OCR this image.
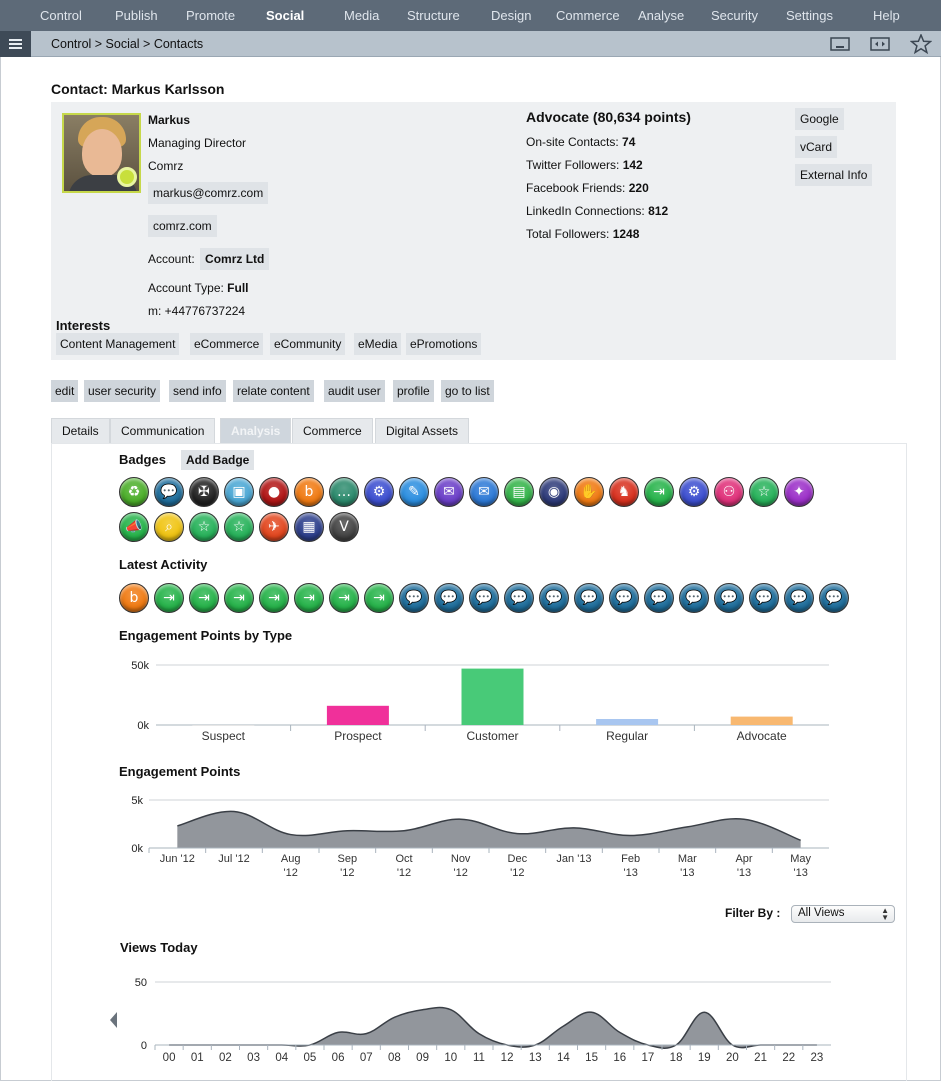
Control	Publish Promote Social	Media Structure Design Commerce Analyse Security Settings	Help
Control > Social > Contacts
Contact: Markus Karlsson
Markus
Managing Director
Comrz
markus@comrz.com
comrz.com
Account: Comrz Ltd
Account Type: Full
m: +44776737224
Interests
Content Management	eCommerce	eCommunity	eMedia	ePromotions
Advocate (80,634 points)
On-site Contacts: 74
Twitter Followers: 142
Facebook Friends: 220
LinkedIn Connections: 812
Total Followers: 1248
Google
vCard
External Info
edit	user security	send info	relate content	audit user	profile	go to list
Details	Communication	Analysis	Commerce	Digital Assets
Badges	Add Badge
♻	💬	✠	▣	●	b	…	⚙	✎	✉	✉	▤	◉	✋	♞	⇥	⚙	⚇	☆	✦
📣	⌕	☆	☆	✈	▦	V
Latest Activity
b	⇥	⇥	⇥	⇥	⇥	⇥	⇥	💬	💬	💬	💬	💬	💬	💬	💬	💬	💬	💬	💬	💬
Engagement Points by Type
0k
50k
Suspect	Prospect	Customer	Regular	Advocate
Engagement Points
0k
5k
Jun '12 Jul '12	Aug '12
Sep '12
Oct '12
Nov '12
Dec '12
Jan '13	Feb '13
Mar '13
Apr '13
May '13
Filter By :	All Views	▲
▼
Views Today
0
50
00 01 02 03 04 05 06 07 08 09 10 11 12 13 14 15 16 17 18 19 20 21 22 23
